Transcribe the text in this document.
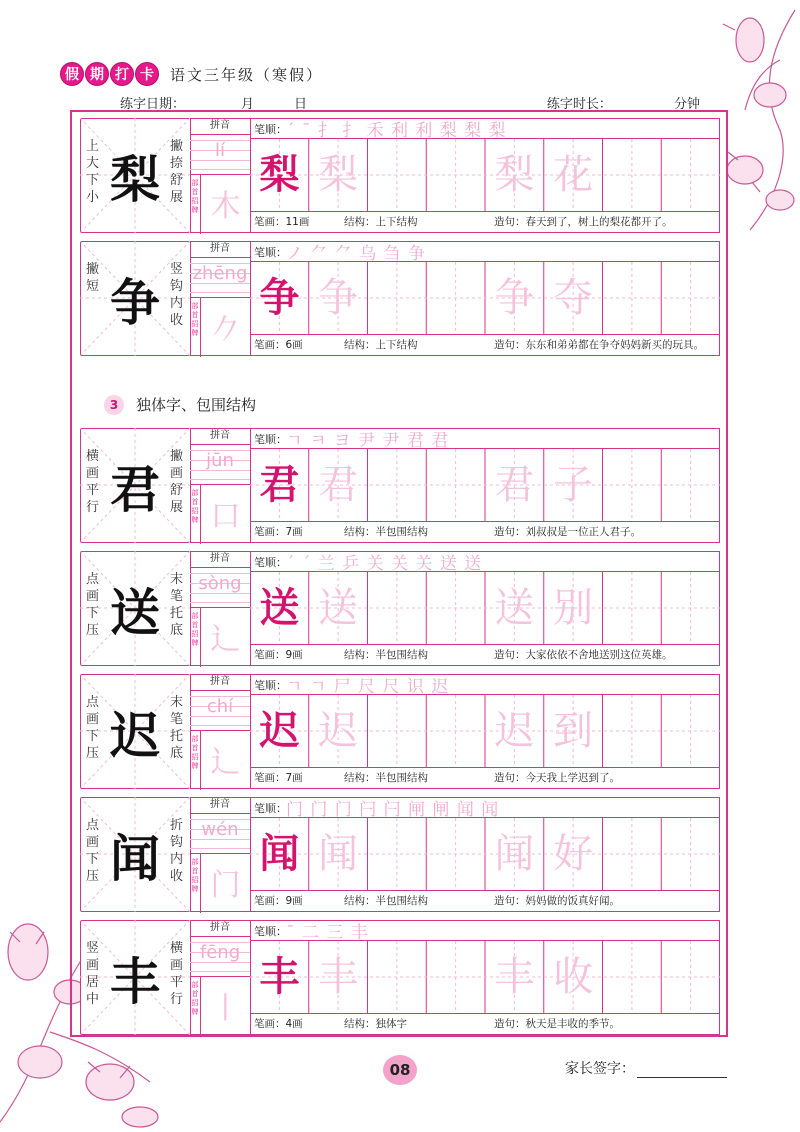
假 期 打 卡	语文三年级（寒假）
练字日期：	月	日	练字时长：	分钟
上大下小 梨
撇捺舒展
拼音
lí
部首招牌 木
笔顺： ˊ ˉ ⺘ ⺘ 禾 利 利 梨 梨 梨
梨 梨	梨 花
笔画：11画	结构：上下结构	造句：春天到了，树上的梨花都开了。
撇短 争
竖钩内收
拼音
zhēng
部首招牌 𠂊
笔顺： ノ ⺈ ⺈ 乌 刍 争
争 争	争 夺
笔画：6画	结构：上下结构	造句：东东和弟弟都在争夺妈妈新买的玩具。
横画平行 君
撇画舒展
拼音
jūn
部首招牌 口
笔顺： ㄱ ㅋ ヨ 尹 尹 君 君
君 君	君 子
笔画：7画	结构：半包围结构	造句：刘叔叔是一位正人君子。
点画下压 送
末笔托底
拼音
sòng
部首招牌 辶
笔顺： ˊ ˊ 兰 乒 关 关 关 送 送
送 送	送 别
笔画：9画	结构：半包围结构	造句：大家依依不舍地送别这位英雄。
点画下压 迟
末笔托底
拼音
chí
部首招牌 辶
笔顺： ㄱ ㄱ 尸 尺 尺 识 迟
迟 迟	迟 到
笔画：7画	结构：半包围结构	造句：今天我上学迟到了。
点画下压 闻
折钩内收
拼音
wén
部首招牌 门
笔顺： 门 门 门 闩 闩 闸 闸 闻 闻
闻 闻	闻 好
笔画：9画	结构：半包围结构	造句：妈妈做的饭真好闻。
竖画居中 丰
横画平行
拼音
fēng
部首招牌 丨
笔顺： ˉ 二 三 丰
丰 丰	丰 收
笔画：4画	结构：独体字	造句：秋天是丰收的季节。
3	独体字、包围结构
08	家长签字：
